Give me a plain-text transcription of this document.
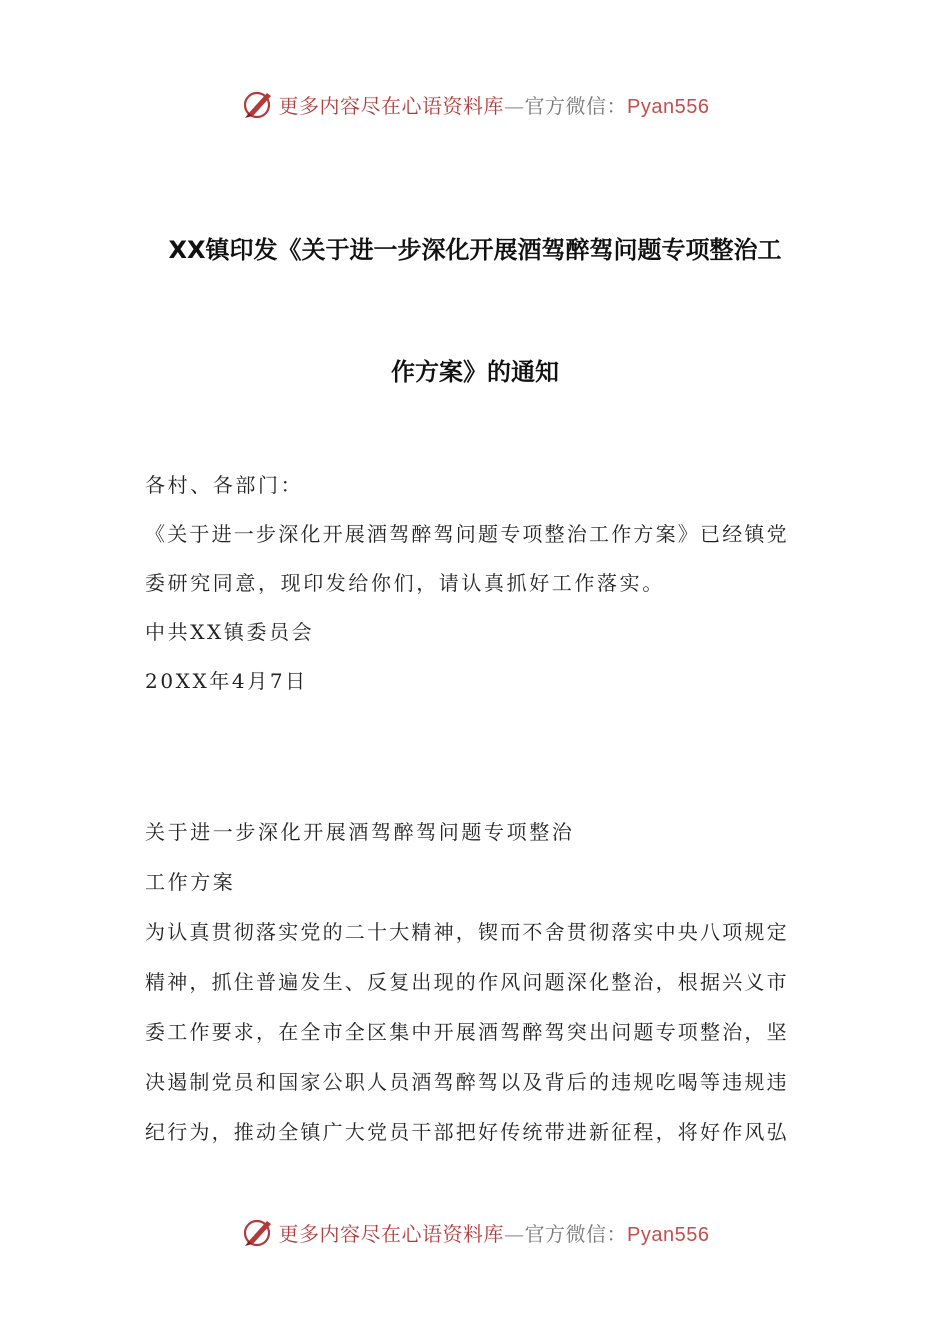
更多内容尽在心语资料库—官方微信：Pyan556
XX镇印发《关于进一步深化开展酒驾醉驾问题专项整治工
作方案》的通知
各村、各部门：
《关于进一步深化开展酒驾醉驾问题专项整治工作方案》已经镇党
委研究同意，现印发给你们，请认真抓好工作落实。
中共XX镇委员会
20XX年4月7日
关于进一步深化开展酒驾醉驾问题专项整治
工作方案
为认真贯彻落实党的二十大精神，锲而不舍贯彻落实中央八项规定
精神，抓住普遍发生、反复出现的作风问题深化整治，根据兴义市
委工作要求，在全市全区集中开展酒驾醉驾突出问题专项整治，坚
决遏制党员和国家公职人员酒驾醉驾以及背后的违规吃喝等违规违
纪行为，推动全镇广大党员干部把好传统带进新征程，将好作风弘
更多内容尽在心语资料库—官方微信：Pyan556
